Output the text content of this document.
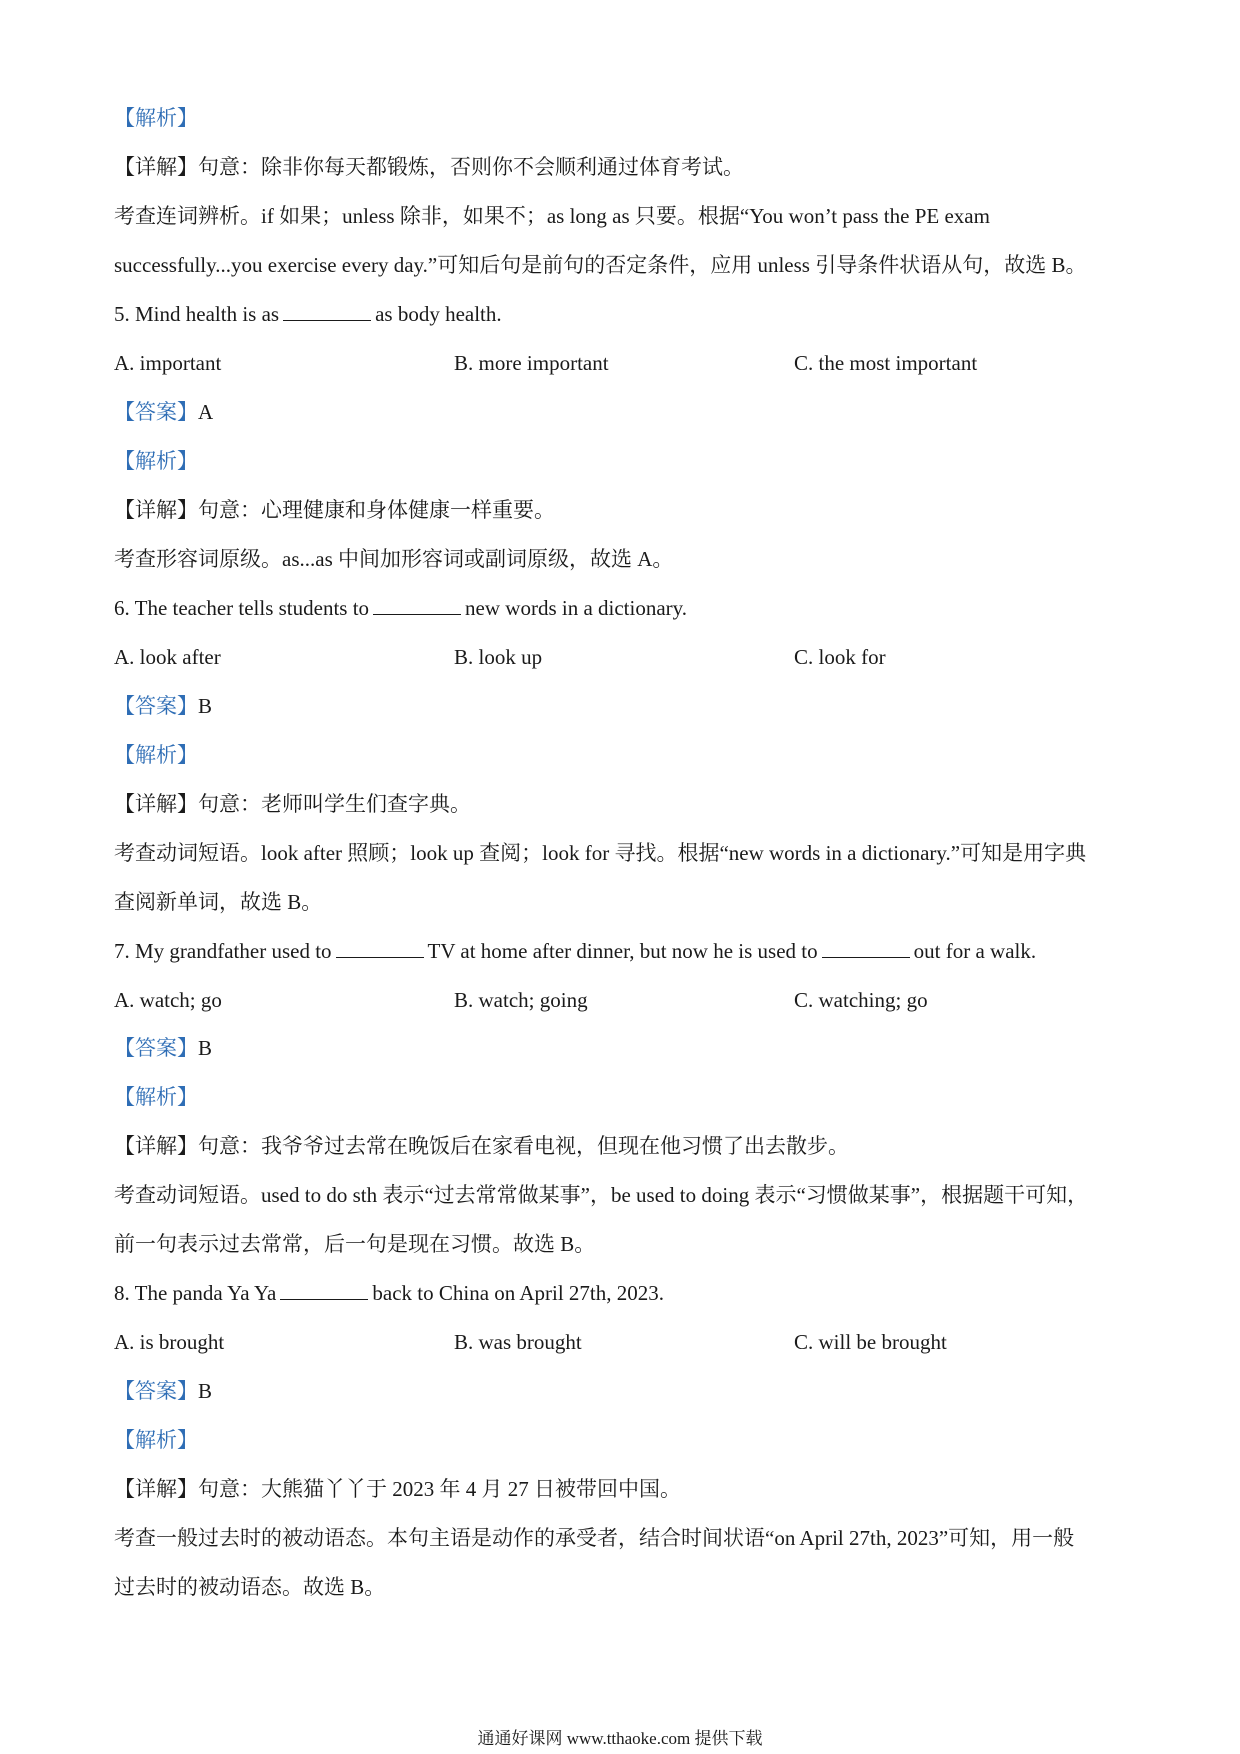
【解析】
【详解】句意：除非你每天都锻炼，否则你不会顺利通过体育考试。
考查连词辨析。if 如果；unless 除非，如果不；as long as 只要。根据“You won’t pass the PE exam
successfully...you exercise every day.”可知后句是前句的否定条件，应用 unless 引导条件状语从句，故选 B。
5. Mind health is as	as body health.
A. important	B. more important	C. the most important
【答案】A
【解析】
【详解】句意：心理健康和身体健康一样重要。
考查形容词原级。as...as 中间加形容词或副词原级，故选 A。
6. The teacher tells students to	new words in a dictionary.
A. look after	B. look up	C. look for
【答案】B
【解析】
【详解】句意：老师叫学生们查字典。
考查动词短语。look after 照顾；look up 查阅；look for 寻找。根据“new words in a dictionary.”可知是用字典
查阅新单词，故选 B。
7. My grandfather used to	TV at home after dinner, but now he is used to	out for a walk.
A. watch; go	B. watch; going	C. watching; go
【答案】B
【解析】
【详解】句意：我爷爷过去常在晚饭后在家看电视，但现在他习惯了出去散步。
考查动词短语。used to do sth 表示“过去常常做某事”，be used to doing 表示“习惯做某事”，根据题干可知，
前一句表示过去常常，后一句是现在习惯。故选 B。
8. The panda Ya Ya	back to China on April 27th, 2023.
A. is brought	B. was brought	C. will be brought
【答案】B
【解析】
【详解】句意：大熊猫丫丫于 2023 年 4 月 27 日被带回中国。
考查一般过去时的被动语态。本句主语是动作的承受者，结合时间状语“on April 27th, 2023”可知，用一般
过去时的被动语态。故选 B。
通通好课网 www.tthaoke.com 提供下载
